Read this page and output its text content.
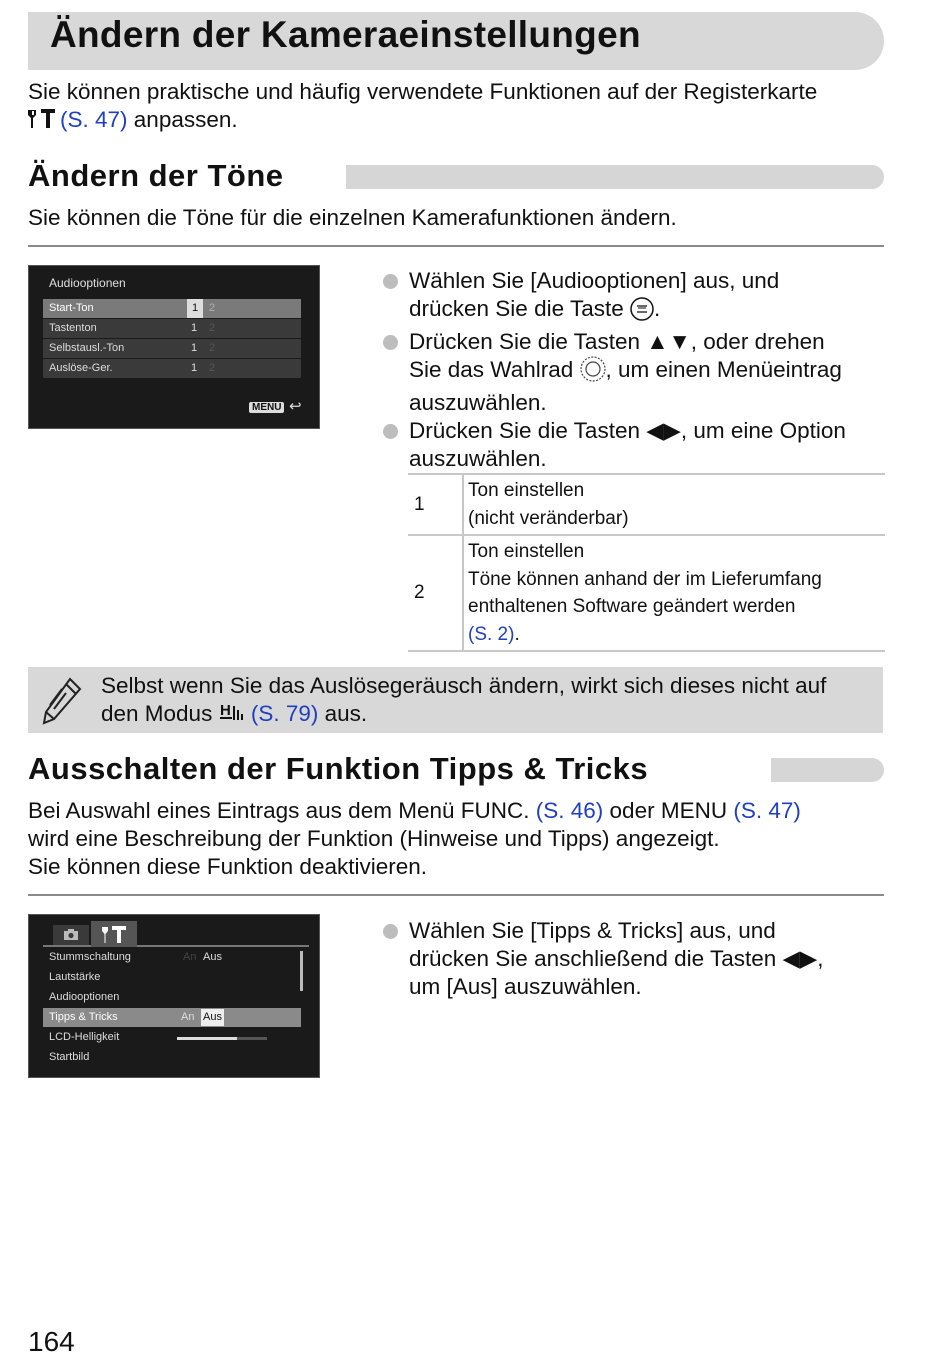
Ändern der Kameraeinstellungen
Sie können praktische und häufig verwendete Funktionen auf der Registerkarte
(S. 47) anpassen.
Ändern der Töne
Sie können die Töne für die einzelnen Kamerafunktionen ändern.
Audiooptionen
Start-Ton	1 2
Tastenton	1 2
Selbstausl.-Ton	1 2
Auslöse-Ger.	1 2
MENU ↩
Wählen Sie [Audiooptionen] aus, und
drücken Sie die Taste .
Drücken Sie die Tasten ▲▼, oder drehen
Sie das Wahlrad , um einen Menüeintrag
auszuwählen.
Drücken Sie die Tasten ◀▶, um eine Option
auszuwählen.
1	Ton einstellen
(nicht veränderbar)
2	Ton einstellen
Töne können anhand der im Lieferumfang
enthaltenen Software geändert werden
(S. 2).
Selbst wenn Sie das Auslösegeräusch ändern, wirkt sich dieses nicht auf
den Modus H (S. 79) aus.
Ausschalten der Funktion Tipps & Tricks
Bei Auswahl eines Eintrags aus dem Menü FUNC. (S. 46) oder MENU (S. 47)
wird eine Beschreibung der Funktion (Hinweise und Tipps) angezeigt.
Sie können diese Funktion deaktivieren.
Stummschaltung	An Aus
Lautstärke
Audiooptionen
Tipps & Tricks	An Aus
LCD-Helligkeit
Startbild
Wählen Sie [Tipps & Tricks] aus, und
drücken Sie anschließend die Tasten ◀▶,
um [Aus] auszuwählen.
164
